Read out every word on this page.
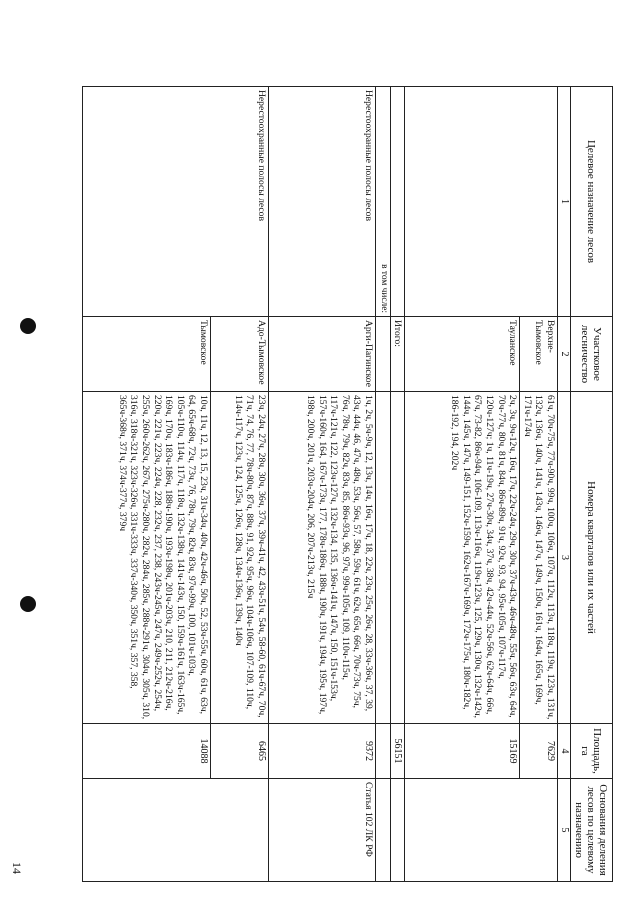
Целевое назначение лесов	Участковое лесничество	Номера кварталов или их частей	Площадь, га	Основания деления лесов по целевому назначению
1	2	3	4	5
	Верхне-Тымовское	61ч, 70ч-75ч, 77ч-90ч, 99ч, 100ч, 106ч, 107ч, 112ч, 113ч, 118ч, 119ч, 123ч, 131ч, 132ч, 136ч, 140ч, 141ч, 143ч, 146ч, 147ч, 149ч, 150ч, 161ч, 164ч, 165ч, 169ч, 171ч-174ч	7629	
	Тауланское	2ч, 3ч, 9ч-12ч, 16ч, 17ч, 22ч-24ч, 29ч, 30ч, 37ч-43ч, 46ч-48ч, 55ч, 56ч, 63ч, 64ч, 70ч-77ч, 80ч, 81ч, 84ч, 86ч-89ч, 91ч, 92ч, 93, 94, 95ч-105ч, 107ч-117ч, 120ч-127ч; 1ч, 11ч-19ч, 27ч-30ч, 34ч, 37ч, 38ч, 42ч-44ч, 52ч-56ч, 62ч-64ч, 66ч, 67ч, 73-82, 86ч-94ч, 106-109, 113ч-116ч, 119ч-123ч, 125, 129ч, 130ч, 132ч-142ч, 144ч, 145ч, 147ч, 149-151, 152ч-159ч, 162ч-167ч-169ч, 172ч-175ч, 180ч-182ч, 186-192, 194, 202ч	15169	
	Итого:		56151	
в том числе:				
Нерестоохранные полосы лесов	Арги-Пагинское	1ч, 2ч, 5ч-9ч, 12, 13ч, 14ч, 16ч, 17ч, 18, 22ч, 23ч, 25ч, 26ч, 28, 33ч-36ч, 37, 39, 43ч, 44ч, 46, 47ч, 48ч, 53ч, 56ч, 57, 58ч, 59ч, 61ч, 62ч, 65ч, 66ч, 70ч-73ч, 75ч, 76ч, 78ч, 79ч, 82ч, 83ч, 85, 86ч-93ч, 96, 97ч, 99ч-105ч, 109, 110ч-115ч, 117ч-121ч, 122, 123ч-127ч, 132ч-134, 135, 136ч-141ч, 147ч, 150, 151ч-153ч, 157ч-160ч, 164, 167ч-173ч, 177, 178ч-186ч, 188ч, 190ч, 191ч, 194ч, 195ч, 197ч, 198ч, 200ч, 201ч, 203ч-204ч, 206, 207ч-213ч, 215ч	9372	Статья 102 ЛК РФ
Нерестоохранные полосы лесов	Адо-Тымовское	23ч, 24ч, 27ч, 28ч, 30ч, 36ч, 37ч, 39ч-41ч, 42, 43ч-51ч, 54ч, 58-60, 61ч-67ч, 70ч, 71ч, 74, 76, 77, 78ч-80ч, 87ч, 88ч, 91, 92ч, 95ч, 96ч, 104ч-106ч, 107-109, 110ч, 114ч-117ч, 123ч, 124, 125ч, 126ч, 128ч, 134ч-136ч, 139ч, 140ч	6465	
	Тымовское	10ч, 11ч, 12, 13, 15, 23ч, 31ч-34ч, 40ч, 42ч-46ч, 50ч, 52, 53ч-55ч, 60ч, 61ч, 63ч, 64, 65ч-68ч, 72ч, 73ч, 76, 78ч, 79ч, 82ч, 83ч, 97ч-99ч, 100, 101ч-103ч, 105ч-110ч, 114ч, 117ч, 118ч, 132ч-138ч, 141ч-143ч, 150, 159ч-161ч, 163ч-165ч, 169ч, 170ч, 183ч-186ч, 188ч-190ч, 193ч-198ч, 201ч-203ч, 210, 211, 212ч-216ч, 220ч, 221ч, 223ч, 224ч, 228, 232ч, 237, 238, 243ч-245ч, 247ч, 249ч-252ч, 254ч, 255ч, 260ч-262ч, 267ч, 275ч-280ч, 282ч, 284ч, 285ч, 288ч-291ч, 304ч, 305ч, 310, 316ч, 318ч-321ч, 323ч-326ч, 331ч-333ч, 337ч-340ч, 350ч, 351ч, 357, 358, 365ч-368ч, 371ч, 374ч-377ч, 379ч	14088	
14
